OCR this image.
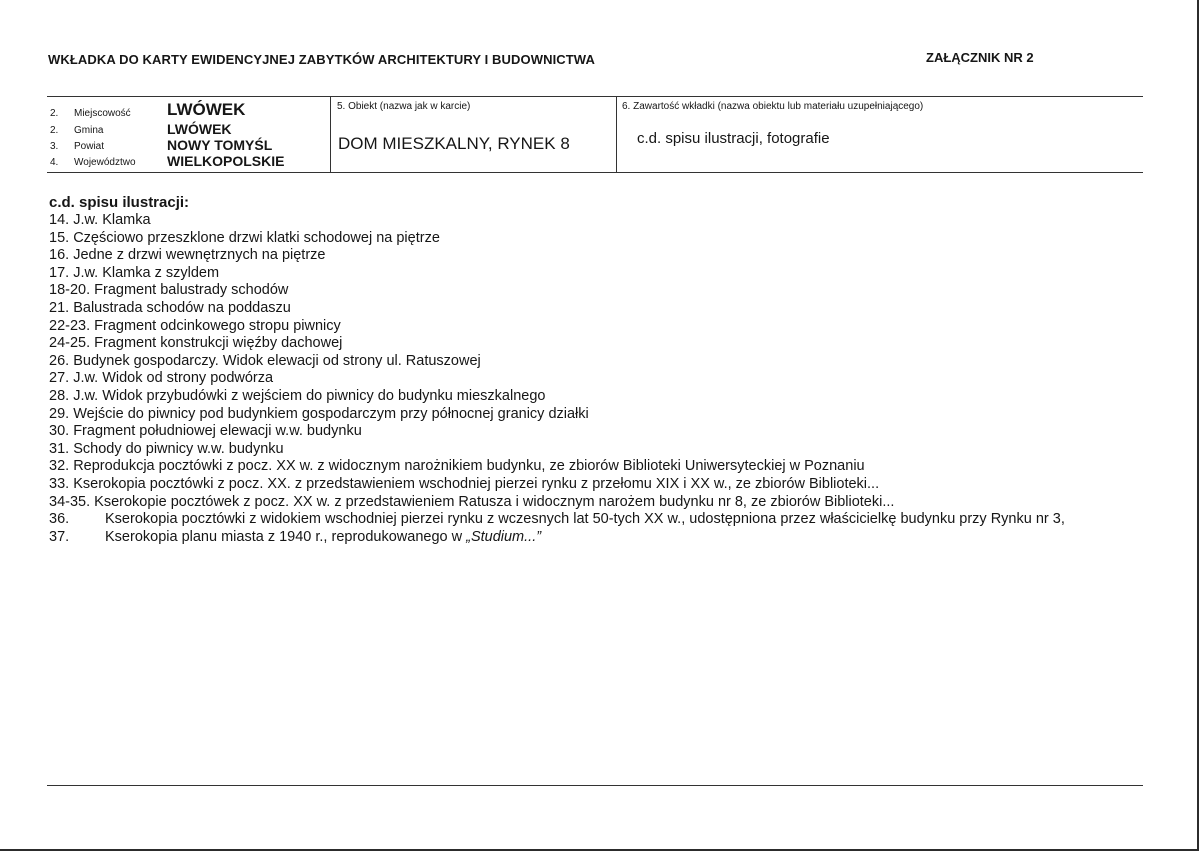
WKŁADKA DO KARTY EWIDENCYJNEJ ZABYTKÓW ARCHITEKTURY I BUDOWNICTWA	ZAŁĄCZNIK NR 2
2.	Miejscowość LWÓWEK
2.	Gmina	LWÓWEK
3.	Powiat	NOWY TOMYŚL
4.	Województwo WIELKOPOLSKIE
5. Obiekt (nazwa jak w karcie)
DOM MIESZKALNY, RYNEK 8
6. Zawartość wkładki (nazwa obiektu lub materiału uzupełniającego)
c.d. spisu ilustracji, fotografie
c.d. spisu ilustracji:
14. J.w. Klamka
15. Częściowo przeszklone drzwi klatki schodowej na piętrze
16. Jedne z drzwi wewnętrznych na piętrze
17. J.w. Klamka z szyldem
18-20. Fragment balustrady schodów
21. Balustrada schodów na poddaszu
22-23. Fragment odcinkowego stropu piwnicy
24-25. Fragment konstrukcji więźby dachowej
26. Budynek gospodarczy. Widok elewacji od strony ul. Ratuszowej
27. J.w. Widok od strony podwórza
28. J.w. Widok przybudówki z wejściem do piwnicy do budynku mieszkalnego
29. Wejście do piwnicy pod budynkiem gospodarczym przy północnej granicy działki
30. Fragment południowej elewacji w.w. budynku
31. Schody do piwnicy w.w. budynku
32. Reprodukcja pocztówki z pocz. XX w. z widocznym narożnikiem budynku, ze zbiorów Biblioteki Uniwersyteckiej w Poznaniu
33. Kserokopia pocztówki z pocz. XX. z przedstawieniem wschodniej pierzei rynku z przełomu XIX i XX w., ze zbiorów Biblioteki...
34-35. Kserokopie pocztówek z pocz. XX w. z przedstawieniem Ratusza i widocznym narożem budynku nr 8, ze zbiorów Biblioteki...
36. Kserokopia pocztówki z widokiem wschodniej pierzei rynku z wczesnych lat 50-tych XX w., udostępniona przez właścicielkę budynku przy Rynku nr 3,
37. Kserokopia planu miasta z 1940 r., reprodukowanego w „Studium...”
